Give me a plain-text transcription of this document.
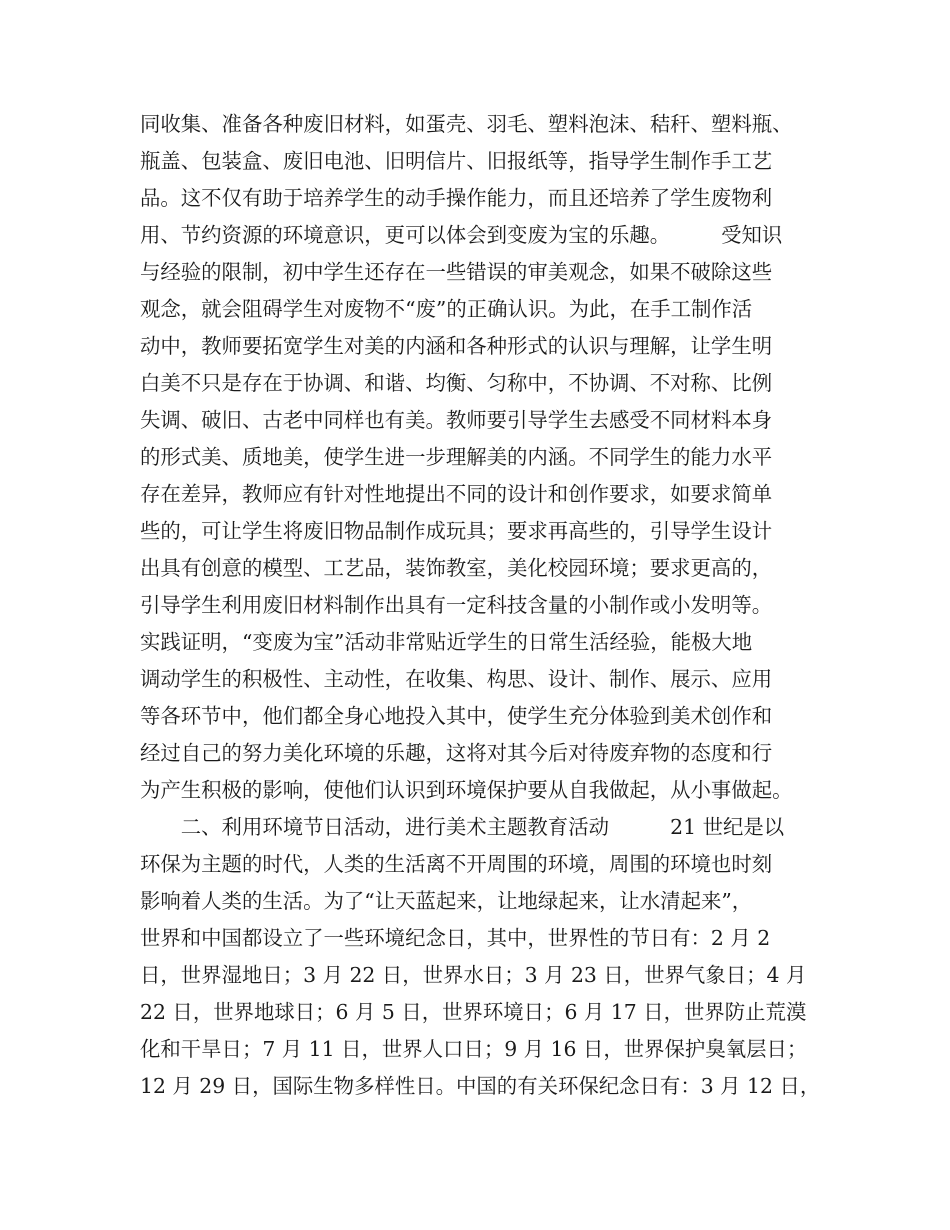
同收集、准备各种废旧材料，如蛋壳、羽毛、塑料泡沫、秸秆、塑料瓶、
瓶盖、包装盒、废旧电池、旧明信片、旧报纸等，指导学生制作手工艺
品。这不仅有助于培养学生的动手操作能力，而且还培养了学生废物利
用、节约资源的环境意识，更可以体会到变废为宝的乐趣。　　　受知识
与经验的限制，初中学生还存在一些错误的审美观念，如果不破除这些
观念，就会阻碍学生对废物不“废”的正确认识。为此，在手工制作活
动中，教师要拓宽学生对美的内涵和各种形式的认识与理解，让学生明
白美不只是存在于协调、和谐、均衡、匀称中，不协调、不对称、比例
失调、破旧、古老中同样也有美。教师要引导学生去感受不同材料本身
的形式美、质地美，使学生进一步理解美的内涵。不同学生的能力水平
存在差异，教师应有针对性地提出不同的设计和创作要求，如要求简单
些的，可让学生将废旧物品制作成玩具；要求再高些的，引导学生设计
出具有创意的模型、工艺品，装饰教室，美化校园环境；要求更高的，
引导学生利用废旧材料制作出具有一定科技含量的小制作或小发明等。
实践证明，“变废为宝”活动非常贴近学生的日常生活经验，能极大地
调动学生的积极性、主动性，在收集、构思、设计、制作、展示、应用
等各环节中，他们都全身心地投入其中，使学生充分体验到美术创作和
经过自己的努力美化环境的乐趣，这将对其今后对待废弃物的态度和行
为产生积极的影响，使他们认识到环境保护要从自我做起，从小事做起。
　　二、利用环境节日活动，进行美术主题教育活动　　　21 世纪是以
环保为主题的时代，人类的生活离不开周围的环境，周围的环境也时刻
影响着人类的生活。为了“让天蓝起来，让地绿起来，让水清起来”，
世界和中国都设立了一些环境纪念日，其中，世界性的节日有：2 月 2
日，世界湿地日；3 月 22 日，世界水日；3 月 23 日，世界气象日；4 月
22 日，世界地球日；6 月 5 日，世界环境日；6 月 17 日，世界防止荒漠
化和干旱日；7 月 11 日，世界人口日；9 月 16 日，世界保护臭氧层日；
12 月 29 日，国际生物多样性日。中国的有关环保纪念日有：3 月 12 日，
